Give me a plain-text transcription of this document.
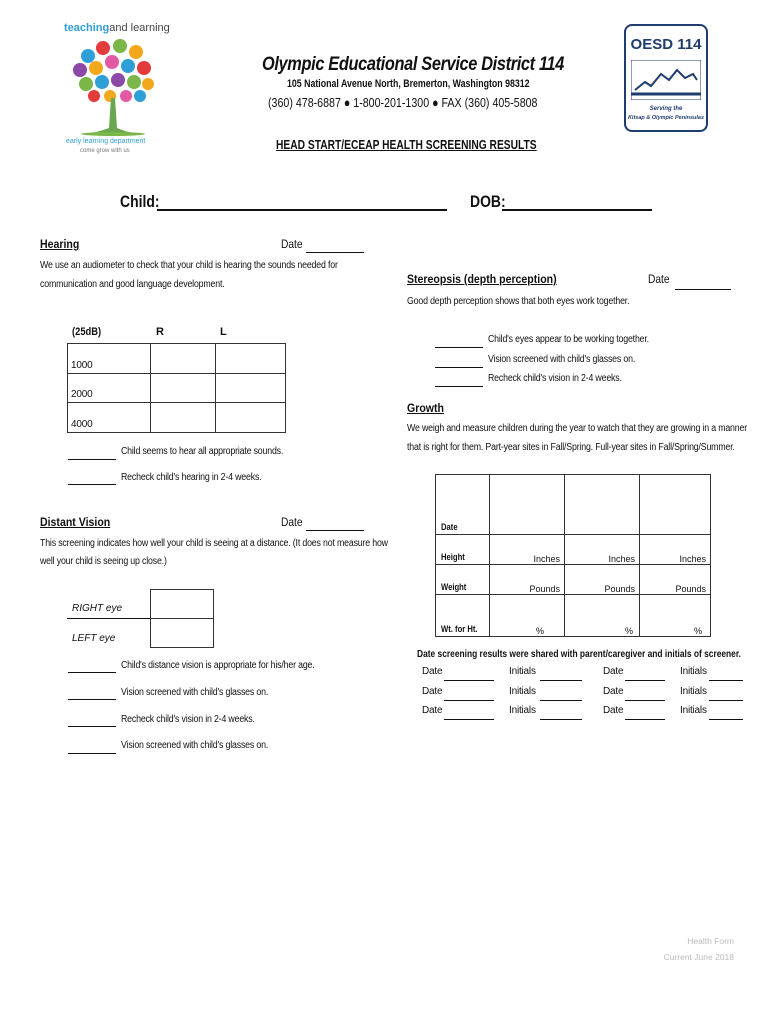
teachingand learning
early learning department
come grow with us
Olympic Educational Service District 114
105 National Avenue North, Bremerton, Washington 98312
(360) 478-6887 ● 1-800-201-1300 ● FAX (360) 405-5808
OESD 114
Serving the
Kitsap & Olympic Peninsulas
HEAD START/ECEAP HEALTH SCREENING RESULTS
Child:	DOB:
Hearing	Date
We use an audiometer to check that your child is hearing the sounds needed for
communication and good language development.
(25dB)	R	L
1000		
2000		
4000		
Child seems to hear all appropriate sounds.
Recheck child's hearing in 2-4 weeks.
Distant Vision	Date
This screening indicates how well your child is seeing at a distance. (It does not measure how
well your child is seeing up close.)
RIGHT eye
LEFT eye

Child's distance vision is appropriate for his/her age.
Vision screened with child's glasses on.
Recheck child's vision in 2-4 weeks.
Vision screened with child's glasses on.
Stereopsis (depth perception)	Date
Good depth perception shows that both eyes work together.
Child's eyes appear to be working together.
Vision screened with child's glasses on.
Recheck child's vision in 2-4 weeks.
Growth
We weigh and measure children during the year to watch that they are growing in a manner
that is right for them. Part-year sites in Fall/Spring. Full-year sites in Fall/Spring/Summer.
Date			
Height	Inches	Inches	Inches
Weight	Pounds	Pounds	Pounds
Wt. for Ht.	%	%	%
Date screening results were shared with parent/caregiver and initials of screener.
Date	Initials	Date	Initials
Date	Initials	Date	Initials
Date	Initials	Date	Initials
Health Form
Current June 2018
